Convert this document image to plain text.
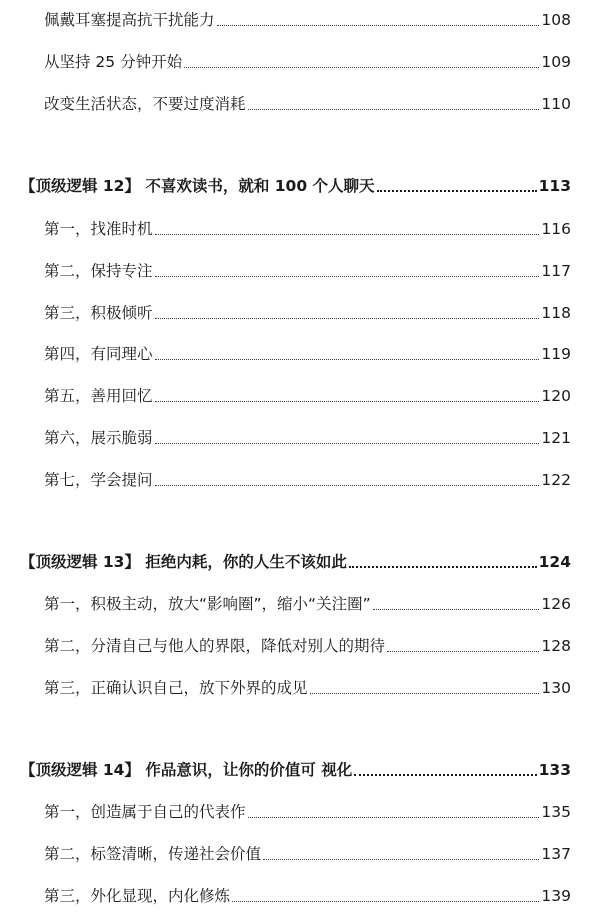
佩戴耳塞提高抗干扰能力	108
从坚持 25 分钟开始	109
改变生活状态，不要过度消耗	110
【顶级逻辑 12】 不喜欢读书，就和 100 个人聊天	113
第一，找准时机	116
第二，保持专注	117
第三，积极倾听	118
第四，有同理心	119
第五，善用回忆	120
第六，展示脆弱	121
第七，学会提问	122
【顶级逻辑 13】 拒绝内耗，你的人生不该如此	124
第一，积极主动，放大“影响圈”，缩小“关注圈”	126
第二，分清自己与他人的界限，降低对别人的期待	128
第三，正确认识自己，放下外界的成见	130
【顶级逻辑 14】 作品意识，让你的价值可 视化	133
第一，创造属于自己的代表作	135
第二，标签清晰，传递社会价值	137
第三，外化显现，内化修炼	139
